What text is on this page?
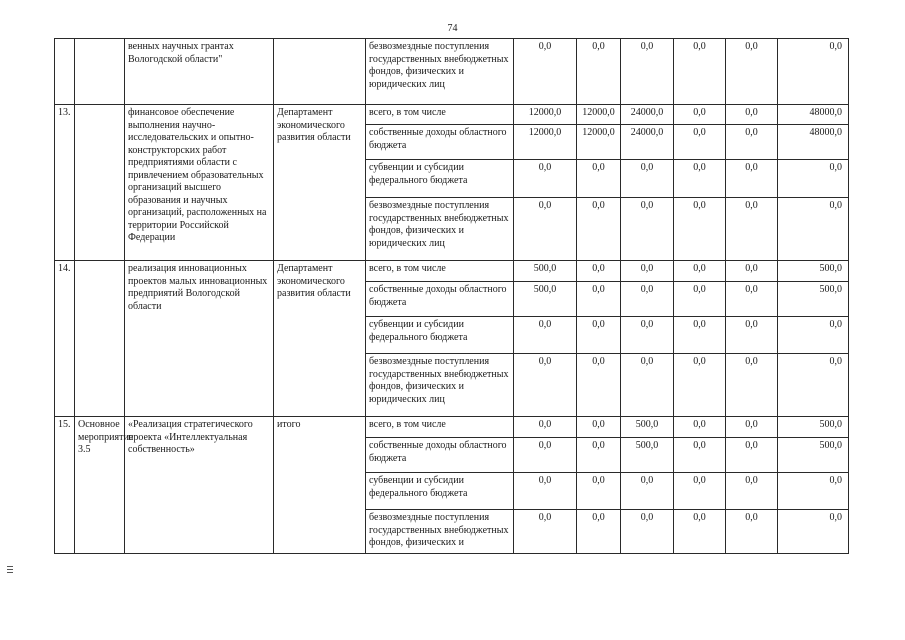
74
		венных научных грантах Вологодской области"		безвозмездные поступления государственных внебюджетных фондов, физических и юридических лиц	0,0	0,0	0,0	0,0	0,0	0,0
13.		финансовое обеспечение выполнения научно-исследовательских и опытно-конструкторских работ предприятиями области с привлечением образовательных организаций высшего образования и научных организаций, расположенных на территории Российской Федерации	Департамент экономического развития области	всего, в том числе	12000,0	12000,0	24000,0	0,0	0,0	48000,0
				собственные доходы областного бюджета	12000,0	12000,0	24000,0	0,0	0,0	48000,0
				субвенции и субсидии федерального бюджета	0,0	0,0	0,0	0,0	0,0	0,0
				безвозмездные поступления государственных внебюджетных фондов, физических и юридических лиц	0,0	0,0	0,0	0,0	0,0	0,0
14.		реализация инновационных проектов малых инновационных предприятий Вологодской области	Департамент экономического развития области	всего, в том числе	500,0	0,0	0,0	0,0	0,0	500,0
				собственные доходы областного бюджета	500,0	0,0	0,0	0,0	0,0	500,0
				субвенции и субсидии федерального бюджета	0,0	0,0	0,0	0,0	0,0	0,0
				безвозмездные поступления государственных внебюджетных фондов, физических и юридических лиц	0,0	0,0	0,0	0,0	0,0	0,0
15.	Основное мероприятие 3.5	«Реализация стратегического проекта «Интеллектуальная собственность»	итого	всего, в том числе	0,0	0,0	500,0	0,0	0,0	500,0
				собственные доходы областного бюджета	0,0	0,0	500,0	0,0	0,0	500,0
				субвенции и субсидии федерального бюджета	0,0	0,0	0,0	0,0	0,0	0,0
				безвозмездные поступления государственных внебюджетных фондов, физических и	0,0	0,0	0,0	0,0	0,0	0,0
